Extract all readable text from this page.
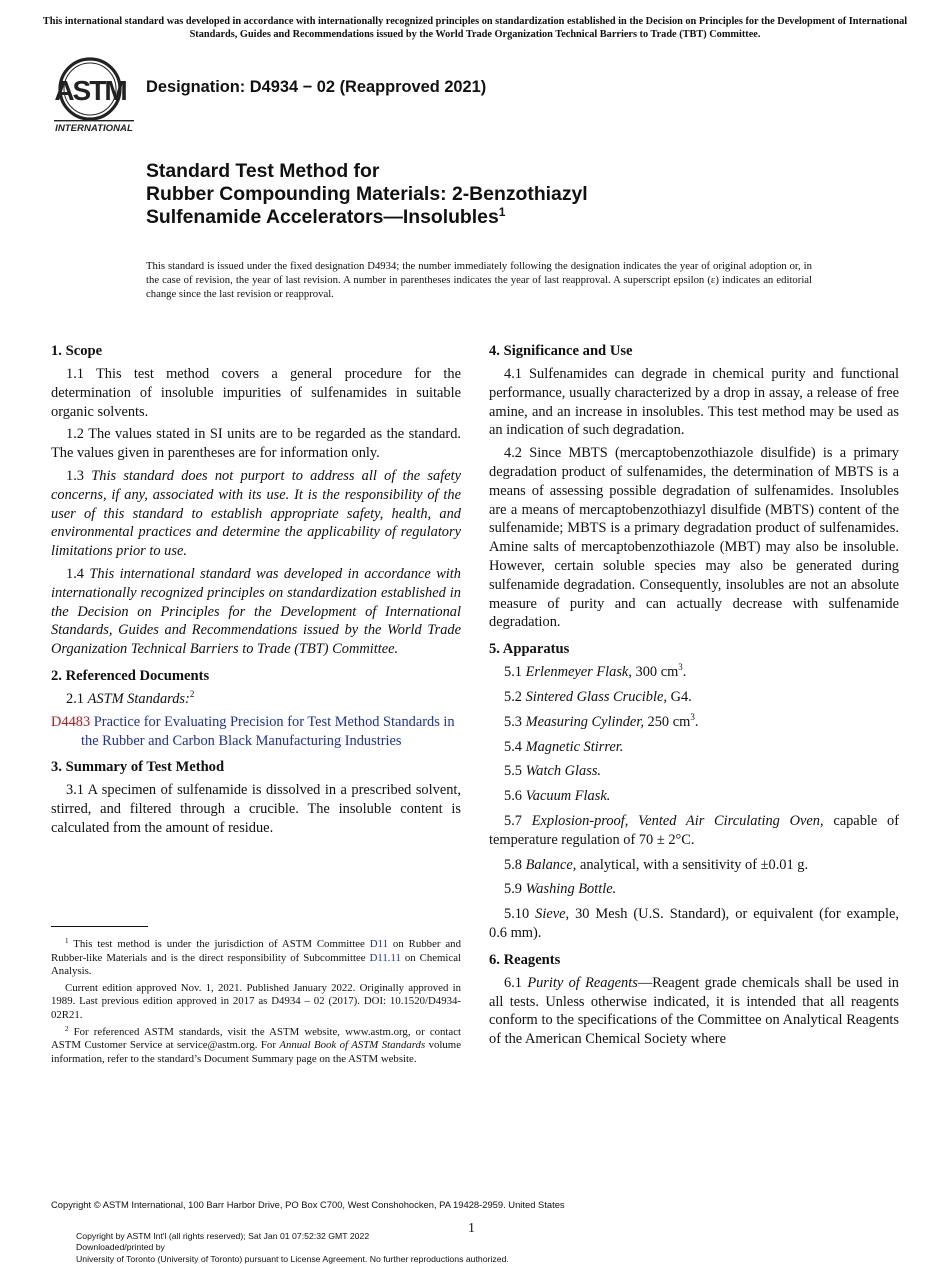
This international standard was developed in accordance with internationally recognized principles on standardization established in the Decision on Principles for the Development of International Standards, Guides and Recommendations issued by the World Trade Organization Technical Barriers to Trade (TBT) Committee.
ASTM
INTERNATIONAL
Designation: D4934 − 02 (Reapproved 2021)
Standard Test Method for
Rubber Compounding Materials: 2-Benzothiazyl
Sulfenamide Accelerators—Insolubles$^1$
This standard is issued under the fixed designation D4934; the number immediately following the designation indicates the year of original adoption or, in the case of revision, the year of last revision. A number in parentheses indicates the year of last reapproval. A superscript epsilon (ε) indicates an editorial change since the last revision or reapproval.
1. Scope
1.1 This test method covers a general procedure for the determination of insoluble impurities of sulfenamides in suitable organic solvents.
1.2 The values stated in SI units are to be regarded as the standard. The values given in parentheses are for information only.
1.3 This standard does not purport to address all of the safety concerns, if any, associated with its use. It is the responsibility of the user of this standard to establish appropriate safety, health, and environmental practices and determine the applicability of regulatory limitations prior to use.
1.4 This international standard was developed in accordance with internationally recognized principles on standardization established in the Decision on Principles for the Development of International Standards, Guides and Recommendations issued by the World Trade Organization Technical Barriers to Trade (TBT) Committee.
2. Referenced Documents
2.1 ASTM Standards:$^2$
D4483 Practice for Evaluating Precision for Test Method Standards in the Rubber and Carbon Black Manufacturing Industries
3. Summary of Test Method
3.1 A specimen of sulfenamide is dissolved in a prescribed solvent, stirred, and filtered through a crucible. The insoluble content is calculated from the amount of residue.
4. Significance and Use
4.1 Sulfenamides can degrade in chemical purity and functional performance, usually characterized by a drop in assay, a release of free amine, and an increase in insolubles. This test method may be used as an indication of such degradation.
4.2 Since MBTS (mercaptobenzothiazole disulfide) is a primary degradation product of sulfenamides, the determination of MBTS is a means of assessing possible degradation of sulfenamides. Insolubles are a means of mercaptobenzothiazyl disulfide (MBTS) content of the sulfenamide; MBTS is a primary degradation product of sulfenamides. Amine salts of mercaptobenzothiazole (MBT) may also be insoluble. However, certain soluble species may also be generated during sulfenamide degradation. Consequently, insolubles are not an absolute measure of purity and can actually decrease with sulfenamide degradation.
5. Apparatus
5.1 Erlenmeyer Flask, 300 $cm^3$.
5.2 Sintered Glass Crucible, G4.
5.3 Measuring Cylinder, 250 $cm^3$.
5.4 Magnetic Stirrer.
5.5 Watch Glass.
5.6 Vacuum Flask.
5.7 Explosion-proof, Vented Air Circulating Oven, capable of temperature regulation of 70 ± 2°C.
5.8 Balance, analytical, with a sensitivity of ±0.01 g.
5.9 Washing Bottle.
5.10 Sieve, 30 Mesh (U.S. Standard), or equivalent (for example, 0.6 mm).
6. Reagents
6.1 Purity of Reagents—Reagent grade chemicals shall be used in all tests. Unless otherwise indicated, it is intended that all reagents conform to the specifications of the Committee on Analytical Reagents of the American Chemical Society where
$^1$ This test method is under the jurisdiction of ASTM Committee D11 on Rubber and Rubber-like Materials and is the direct responsibility of Subcommittee D11.11 on Chemical Analysis.
Current edition approved Nov. 1, 2021. Published January 2022. Originally approved in 1989. Last previous edition approved in 2017 as D4934 – 02 (2017). DOI: 10.1520/D4934-02R21.
$^2$ For referenced ASTM standards, visit the ASTM website, www.astm.org, or contact ASTM Customer Service at service@astm.org. For Annual Book of ASTM Standards volume information, refer to the standard’s Document Summary page on the ASTM website.
Copyright © ASTM International, 100 Barr Harbor Drive, PO Box C700, West Conshohocken, PA 19428-2959. United States
1
Copyright by ASTM Int'l (all rights reserved); Sat Jan 01 07:52:32 GMT 2022
Downloaded/printed by
University of Toronto (University of Toronto) pursuant to License Agreement. No further reproductions authorized.
